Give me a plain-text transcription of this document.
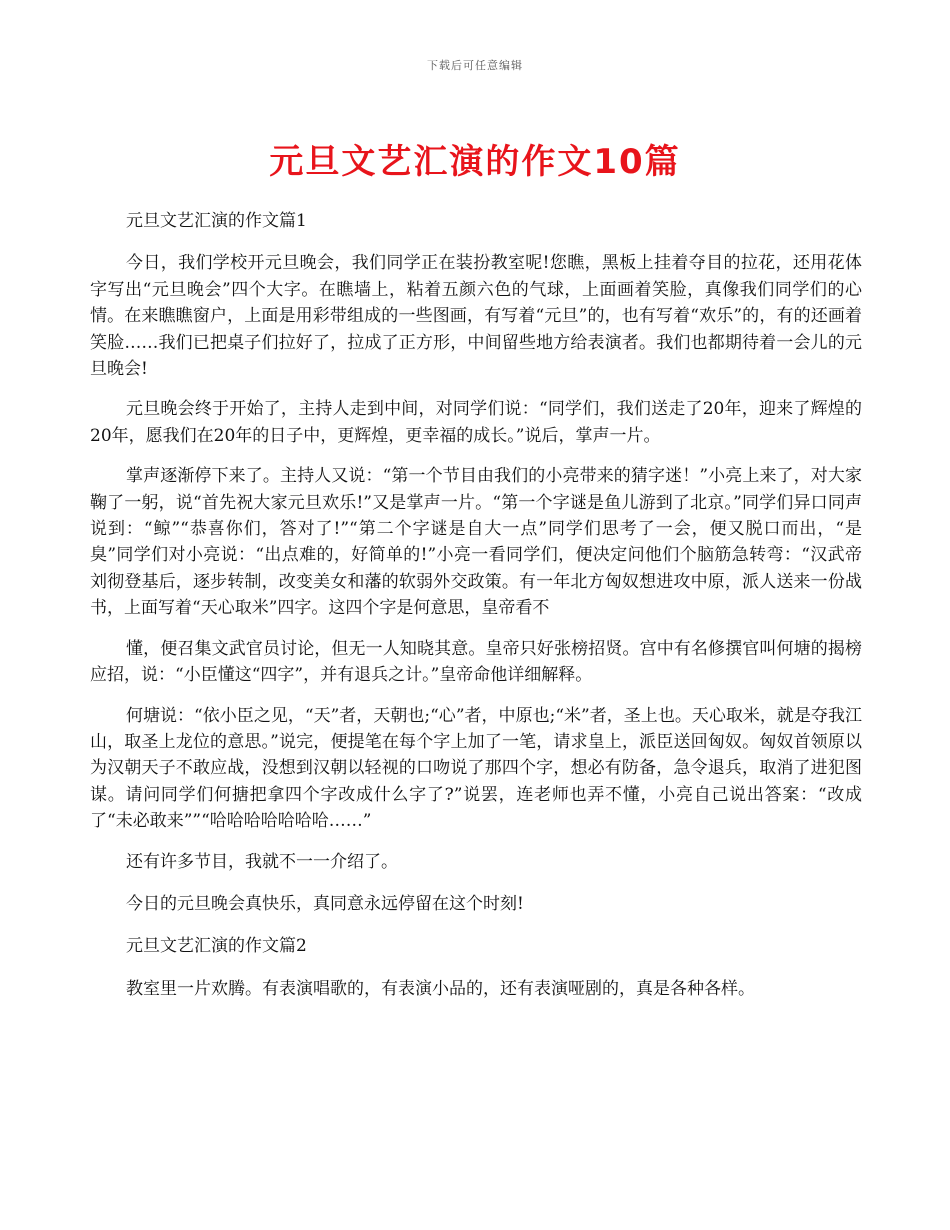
下载后可任意编辑
元旦文艺汇演的作文10篇

元旦文艺汇演的作文篇1

今日，我们学校开元旦晚会，我们同学正在装扮教室呢!您瞧，黑板上挂着夺目的拉花，还用花体字写出“元旦晚会”四个大字。在瞧墙上，粘着五颜六色的气球，上面画着笑脸，真像我们同学们的心情。在来瞧瞧窗户，上面是用彩带组成的一些图画，有写着“元旦”的，也有写着“欢乐”的，有的还画着笑脸……我们已把桌子们拉好了，拉成了正方形，中间留些地方给表演者。我们也都期待着一会儿的元旦晚会!

元旦晚会终于开始了，主持人走到中间，对同学们说：“同学们，我们送走了20年，迎来了辉煌的20年，愿我们在20年的日子中，更辉煌，更幸福的成长。”说后，掌声一片。

掌声逐渐停下来了。主持人又说：“第一个节目由我们的小亮带来的猜字迷！”小亮上来了，对大家鞠了一躬，说“首先祝大家元旦欢乐!”又是掌声一片。“第一个字谜是鱼儿游到了北京。”同学们异口同声说到：“鲸”“恭喜你们，答对了!”“第二个字谜是自大一点”同学们思考了一会，便又脱口而出，“是臭”同学们对小亮说：“出点难的，好简单的!”小亮一看同学们，便决定问他们个脑筋急转弯：“汉武帝刘彻登基后，逐步转制，改变美女和藩的软弱外交政策。有一年北方匈奴想进攻中原，派人送来一份战书，上面写着“天心取米”四字。这四个字是何意思，皇帝看不

懂，便召集文武官员讨论，但无一人知晓其意。皇帝只好张榜招贤。宫中有名修撰官叫何塘的揭榜应招，说：“小臣懂这“四字”，并有退兵之计。”皇帝命他详细解释。

何塘说：“依小臣之见，“天”者，天朝也;“心”者，中原也;“米”者，圣上也。天心取米，就是夺我江山，取圣上龙位的意思。”说完，便提笔在每个字上加了一笔，请求皇上，派臣送回匈奴。匈奴首领原以为汉朝天子不敢应战，没想到汉朝以轻视的口吻说了那四个字，想必有防备，急令退兵，取消了进犯图谋。请问同学们何搪把拿四个字改成什么字了?”说罢，连老师也弄不懂，小亮自己说出答案：“改成了“未必敢来””“哈哈哈哈哈哈哈……”

还有许多节目，我就不一一介绍了。

今日的元旦晚会真快乐，真同意永远停留在这个时刻!

元旦文艺汇演的作文篇2

教室里一片欢腾。有表演唱歌的，有表演小品的，还有表演哑剧的，真是各种各样。
